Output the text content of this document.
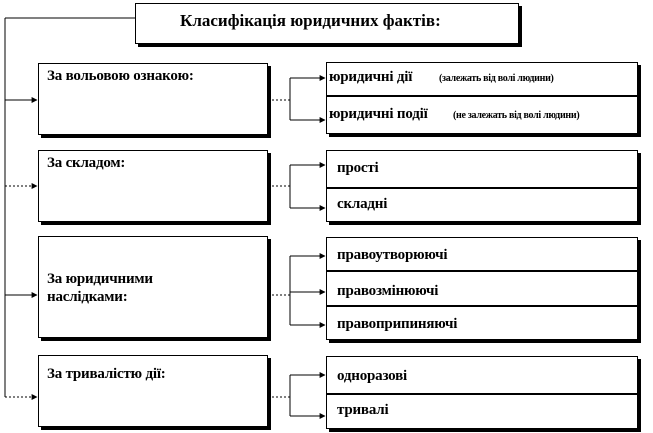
Класифікація юридичних фактів:
За вольовою ознакою:
За складом:
За юридичними
наслідками:
За тривалістю дії:
юридичні дії	(залежать від волі людини)
юридичні події	(не залежать від волі людини)
прості
складні
правоутворюючі
правозмінюючі
правоприпиняючі
одноразові
тривалі
